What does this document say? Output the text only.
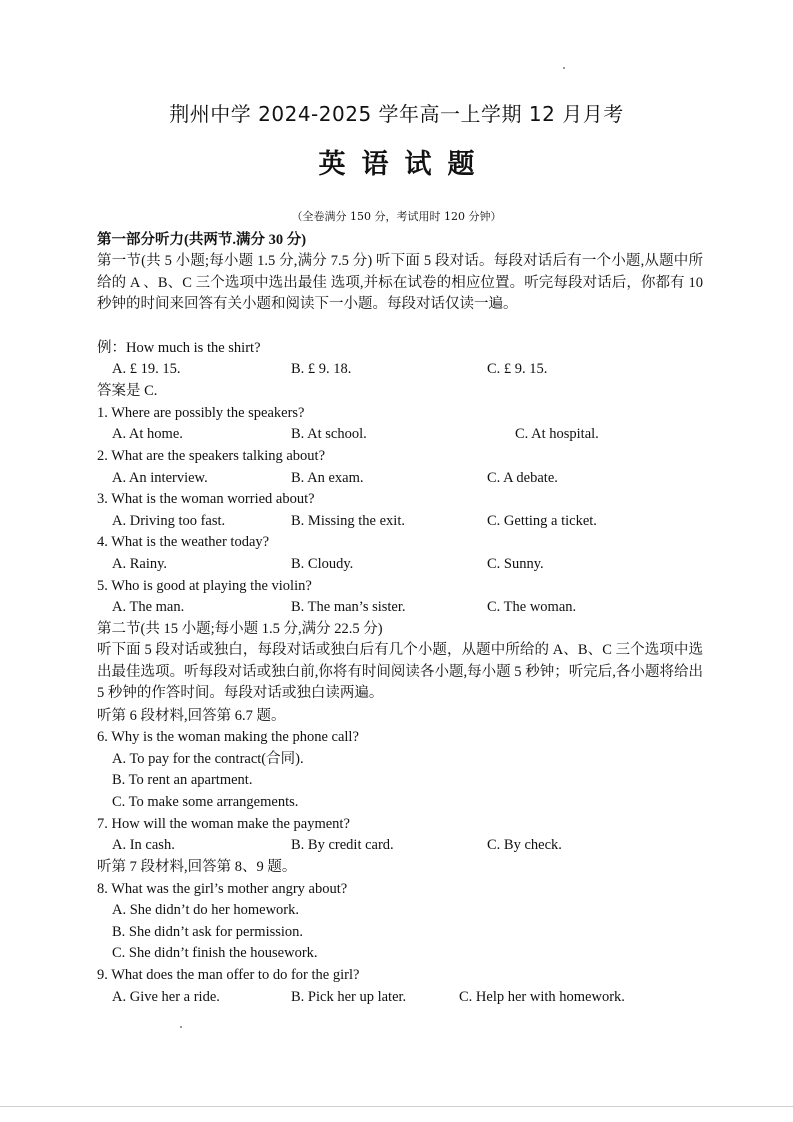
荆州中学 2024-2025 学年高一上学期 12 月月考
英语试题
（全卷满分 150 分，考试用时 120 分钟）
第一部分听力(共两节.满分 30 分)
第一节(共 5 小题;每小题 1.5 分,满分 7.5 分) 听下面 5 段对话。每段对话后有一个小题,从题中所给的 A 、B、C 三个选项中选出最佳 选项,并标在试卷的相应位置。听完每段对话后，你都有 10 秒钟的时间来回答有关小题和阅读下一小题。每段对话仅读一遍。
例：How much is the shirt?
A. £ 19. 15.	B. £ 9. 18.	C. £ 9. 15.
答案是 C.
1. Where are possibly the speakers?
A. At home.	B. At school.	C. At hospital.
2. What are the speakers talking about?
A. An interview.	B. An exam.	C. A debate.
3. What is the woman worried about?
A. Driving too fast.	B. Missing the exit.	C. Getting a ticket.
4. What is the weather today?
A. Rainy.	B. Cloudy.	C. Sunny.
5. Who is good at playing the violin?
A. The man.	B. The man’s sister.	C. The woman.
第二节(共 15 小题;每小题 1.5 分,满分 22.5 分)
听下面 5 段对话或独白，每段对话或独白后有几个小题，从题中所给的 A、B、C 三个选项中选出最佳选项。听每段对话或独白前,你将有时间阅读各小题,每小题 5 秒钟；听完后,各小题将给出 5 秒钟的作答时间。每段对话或独白读两遍。
听第 6 段材料,回答第 6.7 题。
6. Why is the woman making the phone call?
A. To pay for the contract(合同).
B. To rent an apartment.
C. To make some arrangements.
7. How will the woman make the payment?
A. In cash.	B. By credit card.	C. By check.
听第 7 段材料,回答第 8、9 题。
8. What was the girl’s mother angry about?
A. She didn’t do her homework.
B. She didn’t ask for permission.
C. She didn’t finish the housework.
9. What does the man offer to do for the girl?
A. Give her a ride.	B. Pick her up later.	C. Help her with homework.
